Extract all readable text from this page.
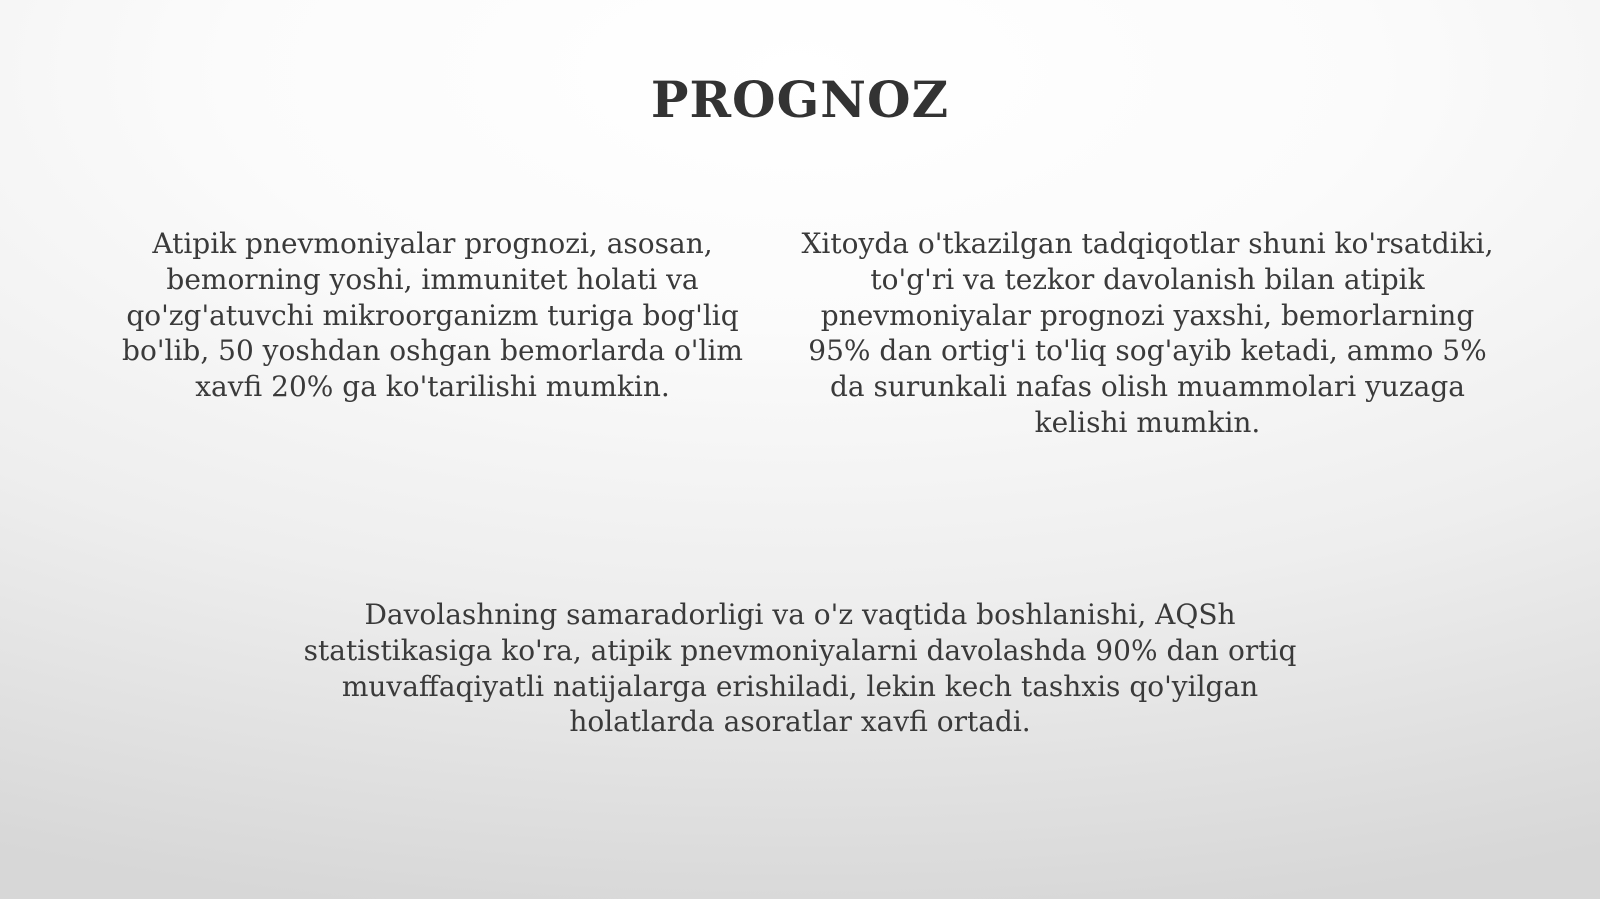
PROGNOZ

Atipik pnevmoniyalar prognozi, asosan,
bemorning yoshi, immunitet holati va
qo'zg'atuvchi mikroorganizm turiga bog'liq
bo'lib, 50 yoshdan oshgan bemorlarda o'lim
xavfi 20% ga ko'tarilishi mumkin.

Xitoyda o'tkazilgan tadqiqotlar shuni ko'rsatdiki,
to'g'ri va tezkor davolanish bilan atipik
pnevmoniyalar prognozi yaxshi, bemorlarning
95% dan ortig'i to'liq sog'ayib ketadi, ammo 5%
da surunkali nafas olish muammolari yuzaga
kelishi mumkin.

Davolashning samaradorligi va o'z vaqtida boshlanishi, AQSh
statistikasiga ko'ra, atipik pnevmoniyalarni davolashda 90% dan ortiq
muvaffaqiyatli natijalarga erishiladi, lekin kech tashxis qo'yilgan
holatlarda asoratlar xavfi ortadi.
